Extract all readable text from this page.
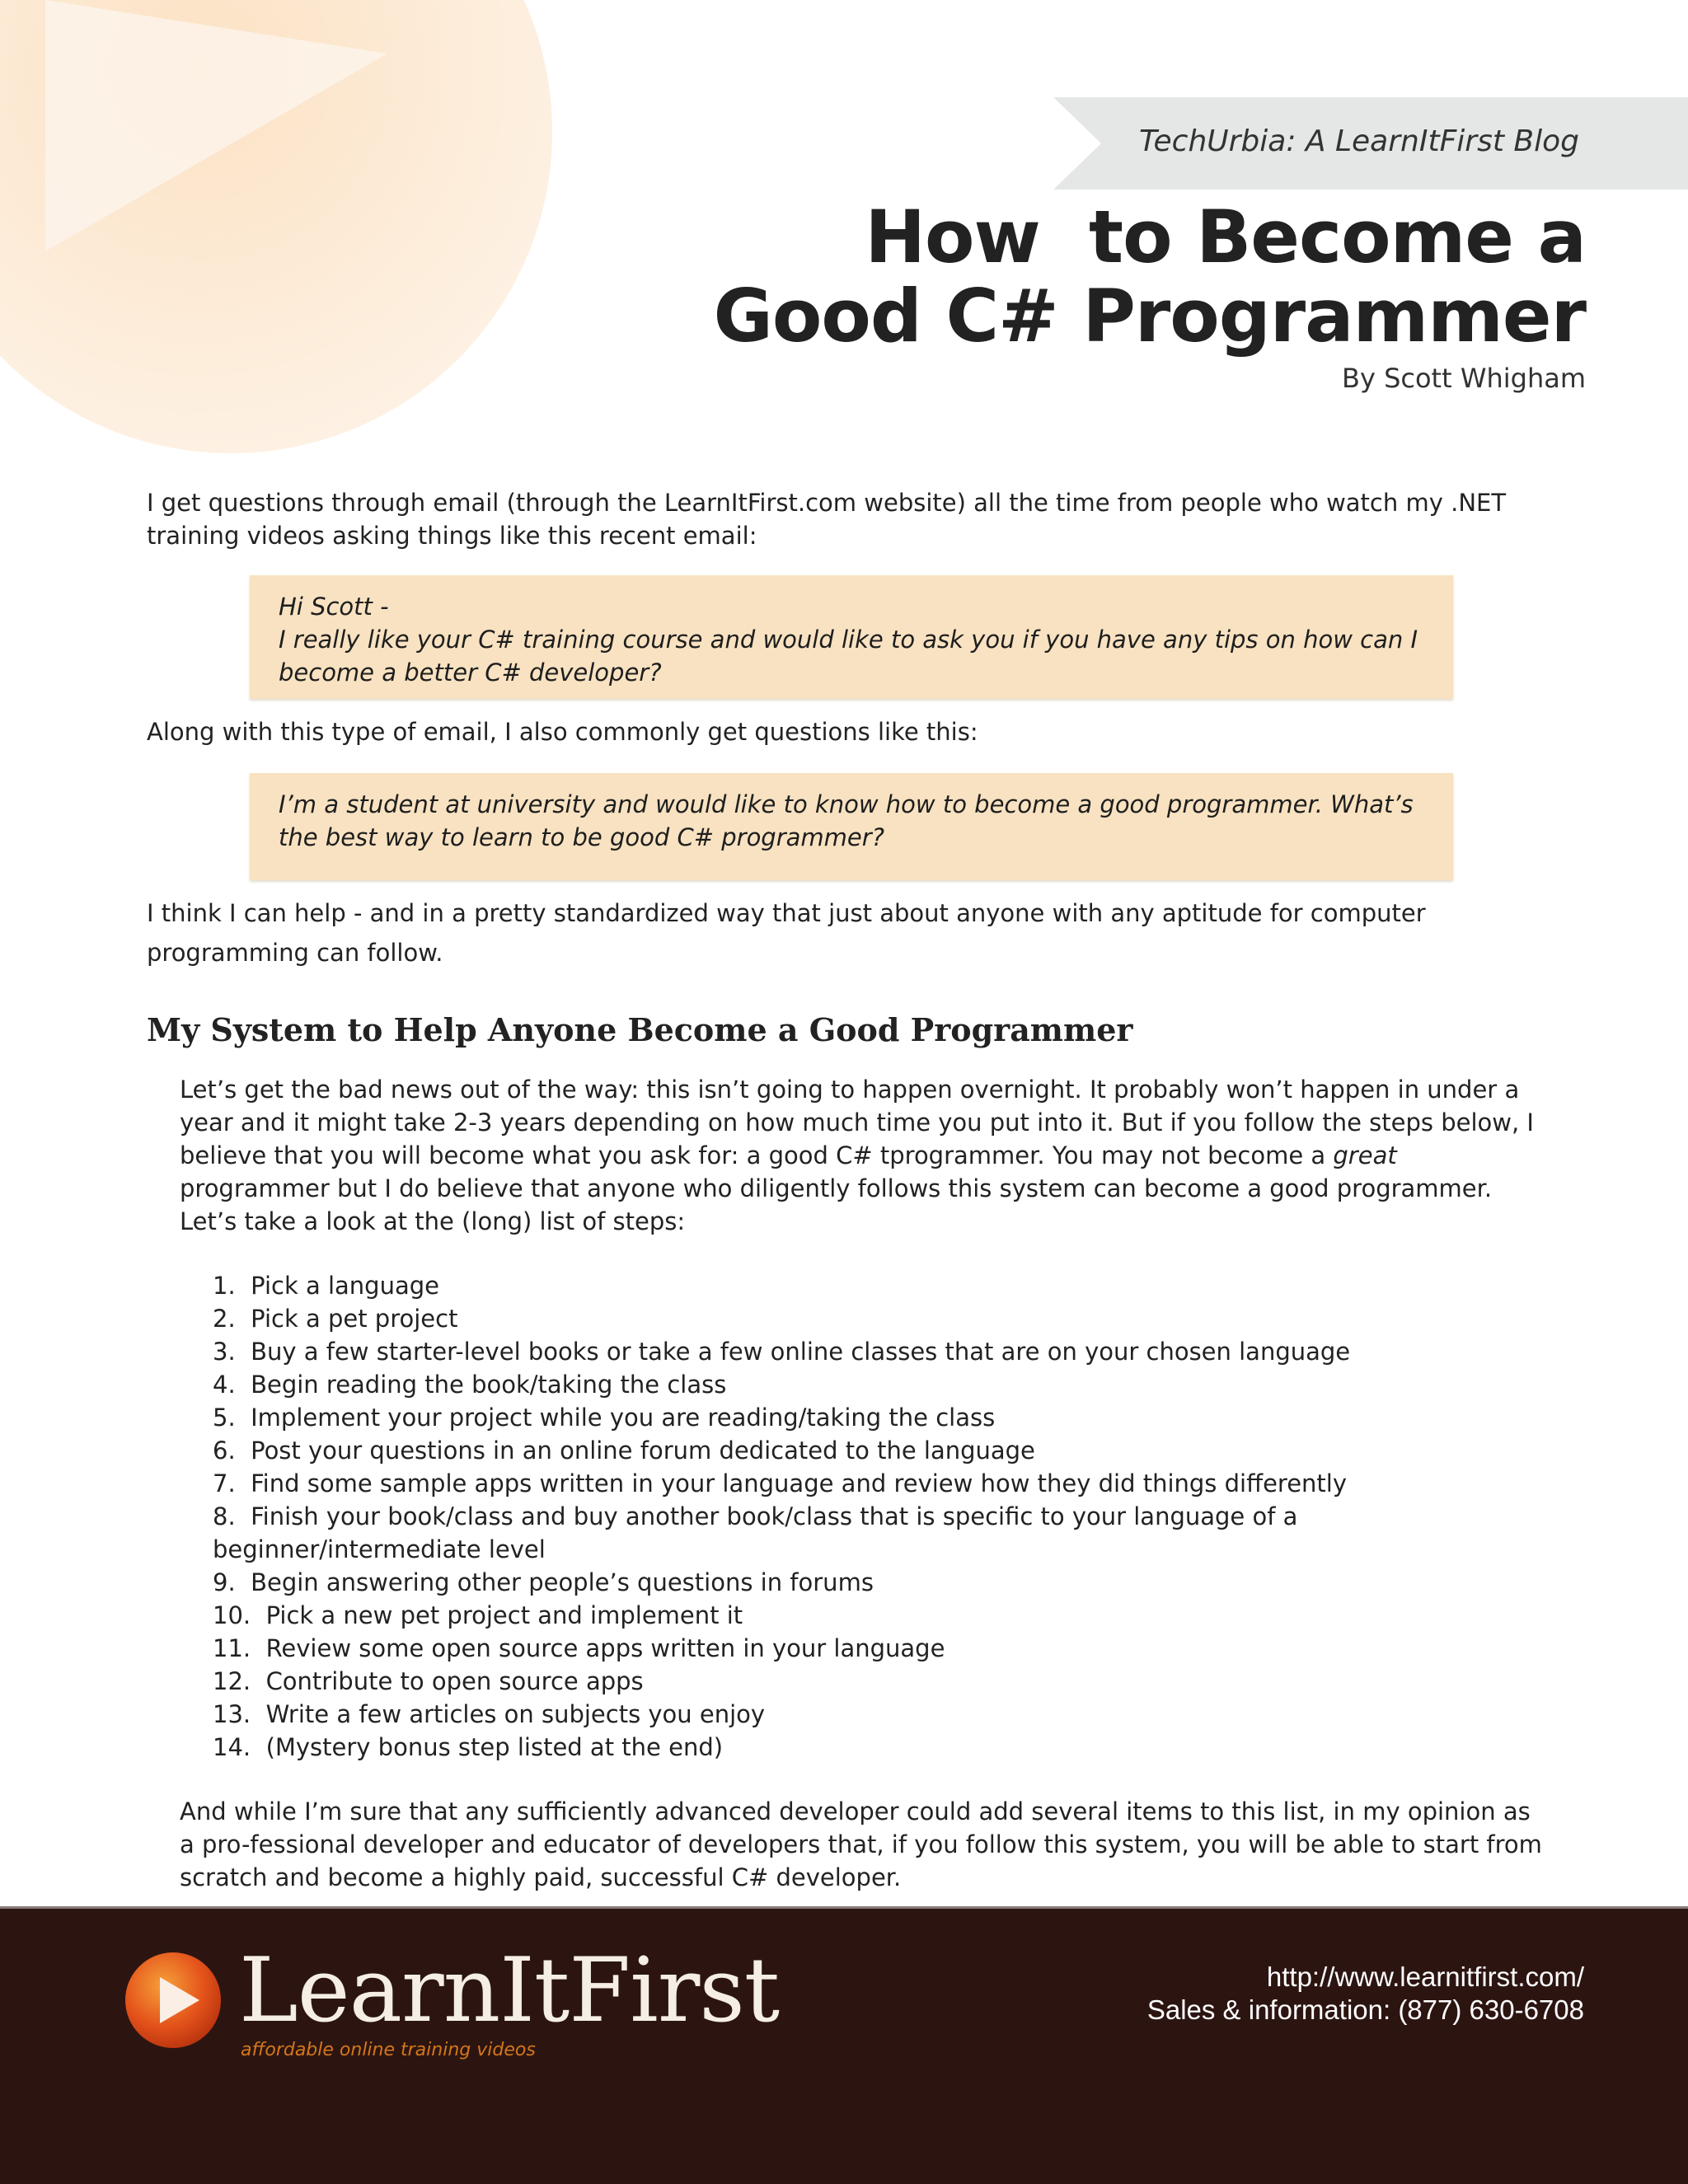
TechUrbia: A LearnItFirst Blog
How  to Become a
Good C# Programmer
By Scott Whigham

I get questions through email (through the LearnItFirst.com website) all the time from people who watch my .NET training videos asking things like this recent email:

Hi Scott -
I really like your C# training course and would like to ask you if you have any tips on how can I become a better C# developer?

Along with this type of email, I also commonly get questions like this:

I’m a student at university and would like to know how to become a good programmer. What’s the best way to learn to be good C# programmer?

I think I can help - and in a pretty standardized way that just about anyone with any aptitude for computer programming can follow.

My System to Help Anyone Become a Good Programmer

Let’s get the bad news out of the way: this isn’t going to happen overnight. It probably won’t happen in under a year and it might take 2-3 years depending on how much time you put into it. But if you follow the steps below, I believe that you will become what you ask for: a good C# tprogrammer. You may not become a great programmer but I do believe that anyone who diligently follows this system can become a good programmer. Let’s take a look at the (long) list of steps:

1. Pick a language
2. Pick a pet project
3. Buy a few starter-level books or take a few online classes that are on your chosen language
4. Begin reading the book/taking the class
5. Implement your project while you are reading/taking the class
6. Post your questions in an online forum dedicated to the language
7. Find some sample apps written in your language and review how they did things differently
8. Finish your book/class and buy another book/class that is specific to your language of a beginner/intermediate level
9. Begin answering other people’s questions in forums
10. Pick a new pet project and implement it
11. Review some open source apps written in your language
12. Contribute to open source apps
13. Write a few articles on subjects you enjoy
14. (Mystery bonus step listed at the end)

And while I’m sure that any sufficiently advanced developer could add several items to this list, in my opinion as a pro-fessional developer and educator of developers that, if you follow this system, you will be able to start from scratch and become a highly paid, successful C# developer.

LearnItFirst
affordable online training videos
http://www.learnitfirst.com/
Sales & information: (877) 630-6708
